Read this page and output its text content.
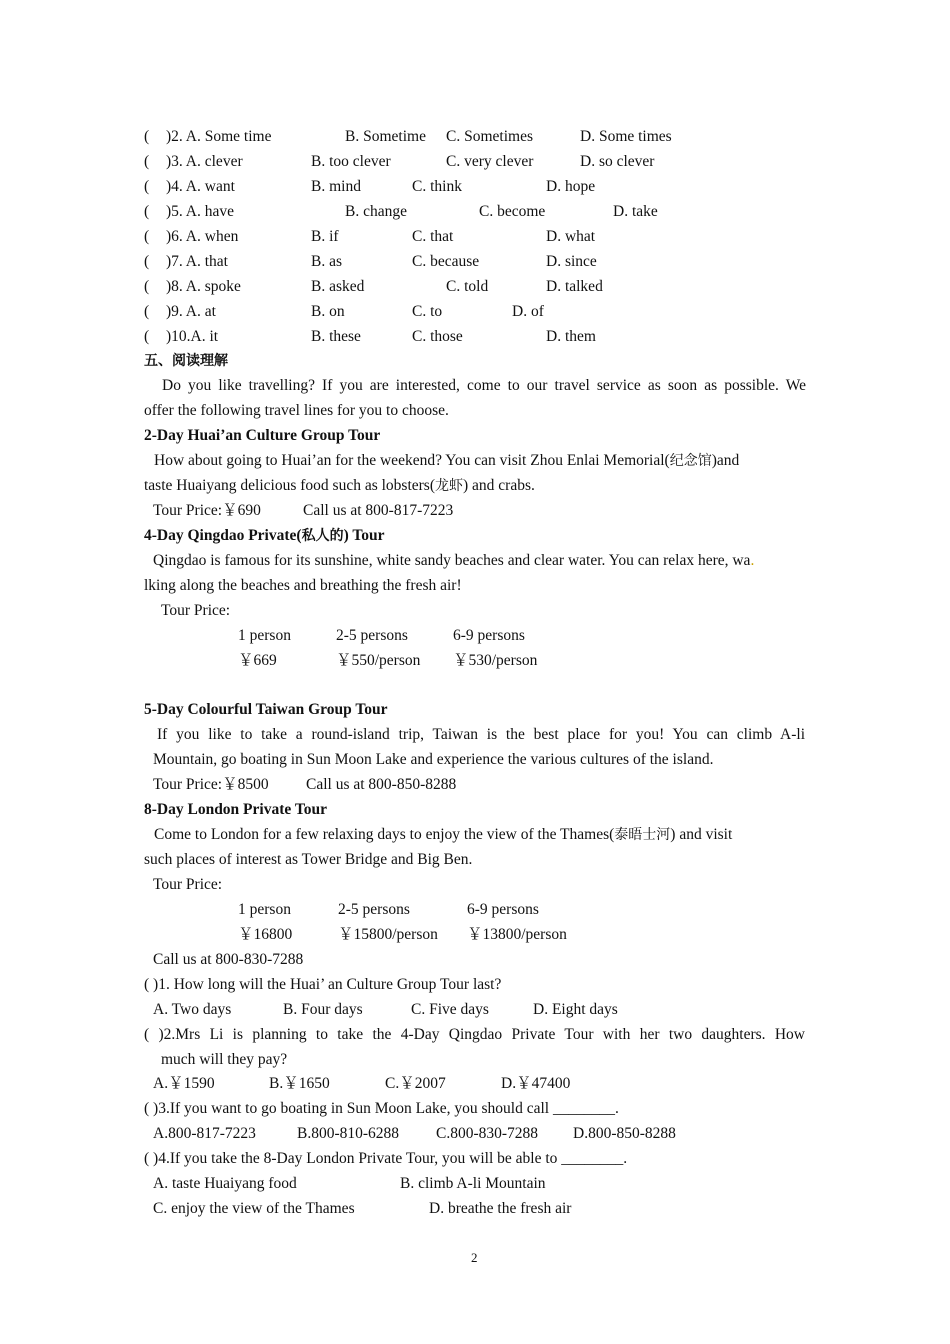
( )2. A. Some time	B. Sometime C. Sometimes	D. Some times
( )3. A. clever	B. too clever	C. very clever	D. so clever
( )4. A. want	B. mind	C. think	D. hope
( )5. A. have	B. change	C. become	D. take
( )6. A. when	B. if	C. that	D. what
( )7. A. that	B. as	C. because	D. since
( )8. A. spoke	B. asked	C. told	D. talked
( )9. A. at	B. on	C. to	D. of
( )10.A. it	B. these	C. those	D. them
五、阅读理解
Do you like travelling? If you are interested, come to our travel service as soon as possible. We
offer the following travel lines for you to choose.
2-Day Huai’an Culture Group Tour
How about going to Huai’an for the weekend? You can visit Zhou Enlai Memorial(纪念馆)and
taste Huaiyang delicious food such as lobsters(龙虾) and crabs.
Tour Price:￥690	Call us at 800-817-7223
4-Day Qingdao Private(私人的) Tour
Qingdao is famous for its sunshine, white sandy beaches and clear water. You can relax here, wa.
lking along the beaches and breathing the fresh air!
Tour Price:
1 person	2-5 persons	6-9 persons
￥669	￥550/person ￥530/person
5-Day Colourful Taiwan Group Tour
If you like to take a round-island trip, Taiwan is the best place for you! You can climb A-li
Mountain, go boating in Sun Moon Lake and experience the various cultures of the island.
Tour Price:￥8500 Call us at 800-850-8288
8-Day London Private Tour
Come to London for a few relaxing days to enjoy the view of the Thames(泰晤士河) and visit
such places of interest as Tower Bridge and Big Ben.
Tour Price:
1 person	2-5 persons	6-9 persons
￥16800	￥15800/person ￥13800/person
Call us at 800-830-7288
( )1. How long will the Huai’ an Culture Group Tour last?
A. Two days	B. Four days	C. Five days	D. Eight days
( )2.Mrs Li is planning to take the 4-Day Qingdao Private Tour with her two daughters. How
much will they pay?
A.￥1590	B.￥1650	C.￥2007	D.￥47400
( )3.If you want to go boating in Sun Moon Lake, you should call ________.
A.800-817-7223	B.800-810-6288 C.800-830-7288 D.800-850-8288
( )4.If you take the 8-Day London Private Tour, you will be able to ________.
A. taste Huaiyang food	B. climb A-li Mountain
C. enjoy the view of the Thames	D. breathe the fresh air
2
